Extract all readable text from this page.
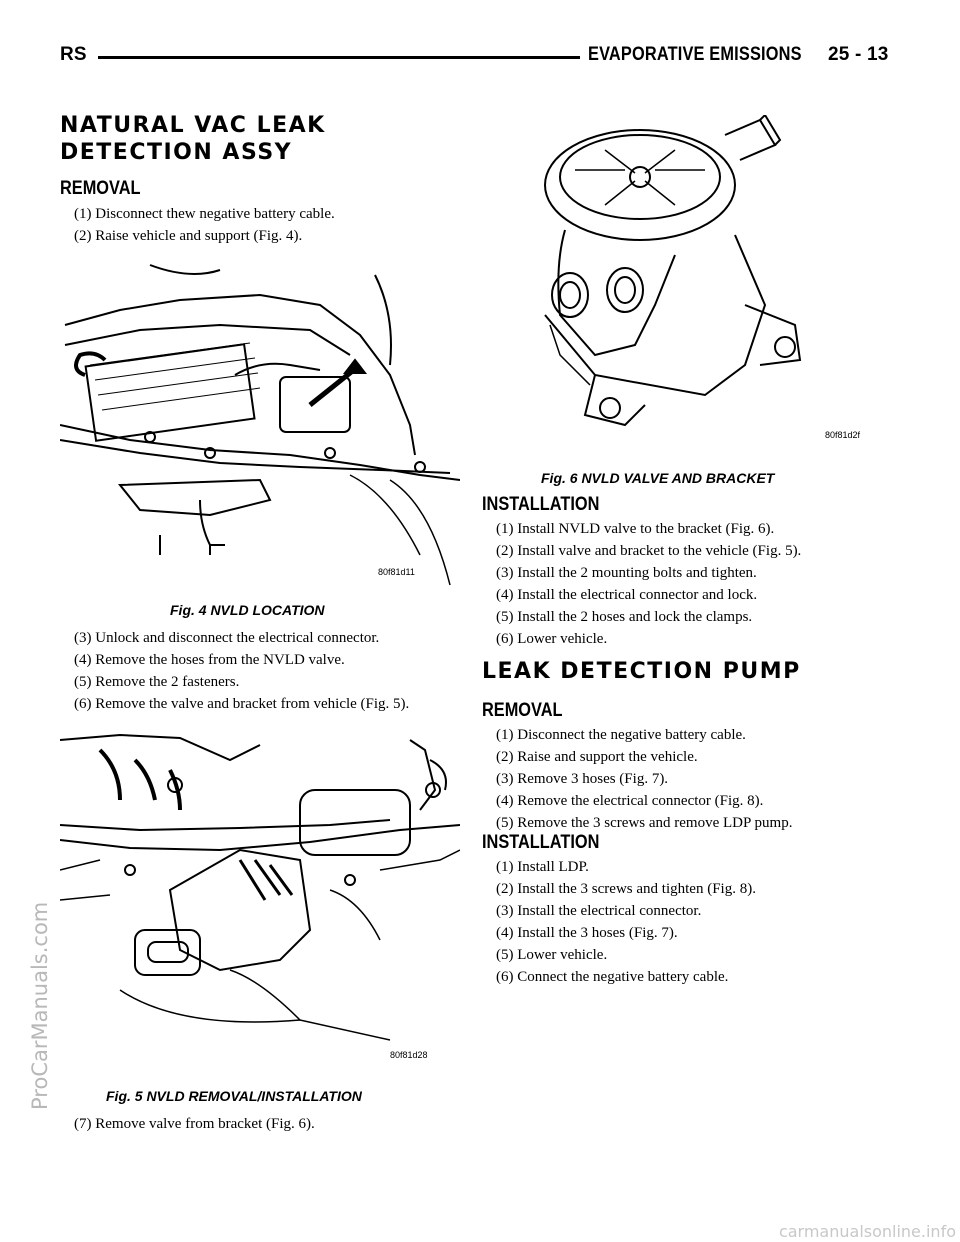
RS	EVAPORATIVE EMISSIONS 25 - 13
NATURAL VAC LEAK
DETECTION ASSY
REMOVAL
(1) Disconnect thew negative battery cable.
(2) Raise vehicle and support (Fig. 4).
80f81d11
Fig. 4 NVLD LOCATION
(3) Unlock and disconnect the electrical connector.
(4) Remove the hoses from the NVLD valve.
(5) Remove the 2 fasteners.
(6) Remove the valve and bracket from vehicle (Fig. 5).
80f81d28
Fig. 5 NVLD REMOVAL/INSTALLATION
(7) Remove valve from bracket (Fig. 6).
80f81d2f
Fig. 6 NVLD VALVE AND BRACKET
INSTALLATION
(1) Install NVLD valve to the bracket (Fig. 6).
(2) Install valve and bracket to the vehicle (Fig. 5).
(3) Install the 2 mounting bolts and tighten.
(4) Install the electrical connector and lock.
(5) Install the 2 hoses and lock the clamps.
(6) Lower vehicle.
LEAK DETECTION PUMP
REMOVAL
(1) Disconnect the negative battery cable.
(2) Raise and support the vehicle.
(3) Remove 3 hoses (Fig. 7).
(4) Remove the electrical connector (Fig. 8).
(5) Remove the 3 screws and remove LDP pump.
INSTALLATION
(1) Install LDP.
(2) Install the 3 screws and tighten (Fig. 8).
(3) Install the electrical connector.
(4) Install the 3 hoses (Fig. 7).
(5) Lower vehicle.
(6) Connect the negative battery cable.
ProCarManuals.com
carmanualsonline.info
